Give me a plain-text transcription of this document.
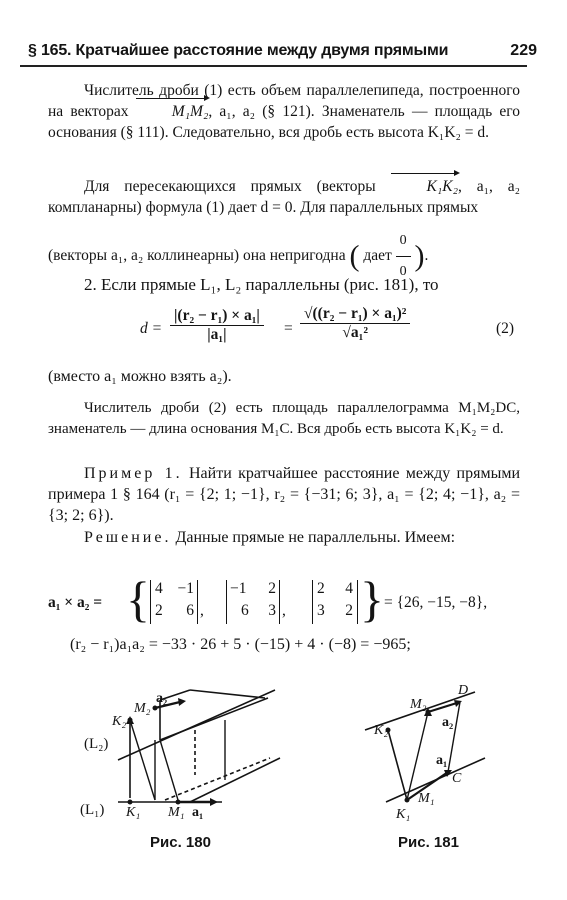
§ 165. Кратчайшее расстояние между двумя прямыми	229

Числитель дроби (1) есть объем параллелепипеда, построенного на векторах	M₁M₂, a₁, a₂ (§ 121). Знаменатель — площадь его основания (§ 111). Следовательно, вся дробь есть высота K₁K₂ = d.

Для пересекающихся прямых (векторы	K₁K₂, a₁, a₂ компланарны) формула (1) дает d = 0. Для параллельных прямых

(векторы a₁, a₂ коллинеарны) она непригодна ( дает $\frac{0}{0}$ ).

2. Если прямые L₁, L₂ параллельны (рис. 181), то

$d = \frac{\text{|(r₂ − r₁) × a₁|}}{\text{|a₁|}} = \frac{\text{√((r₂ − r₁) × a₁)²}}{\text{√a₁²}}$	(2)

(вместо a₁ можно взять a₂).

Числитель дроби (2) есть площадь параллелограмма M₁M₂DC, знаменатель — длина основания M₁C. Вся дробь есть высота K₁K₂ = d.

Пример 1. Найти кратчайшее расстояние между прямыми примера 1 § 164 (r₁ = {2; 1; −1}, r₂ = {−31; 6; 3}, a₁ = {2; 4; −1}, a₂ = {3; 2; 6}).

Решение. Данные прямые не параллельны. Имеем:

a₁ × a₂ = { 4 −1
2 6 ,
−1 2
6 3 ,
2 4
3 2 } = {26, −15, −8},

(r₂ − r₁)a₁a₂ = −33 · 26 + 5 · (−15) + 4 · (−8) = −965;

(L₂)
(L₁) K₁
K₂
M₁
M₂
a₁
a₂
Рис. 180
D
M₂
a₂
K₂
a₁
C
M₁
K₁
Рис. 181
